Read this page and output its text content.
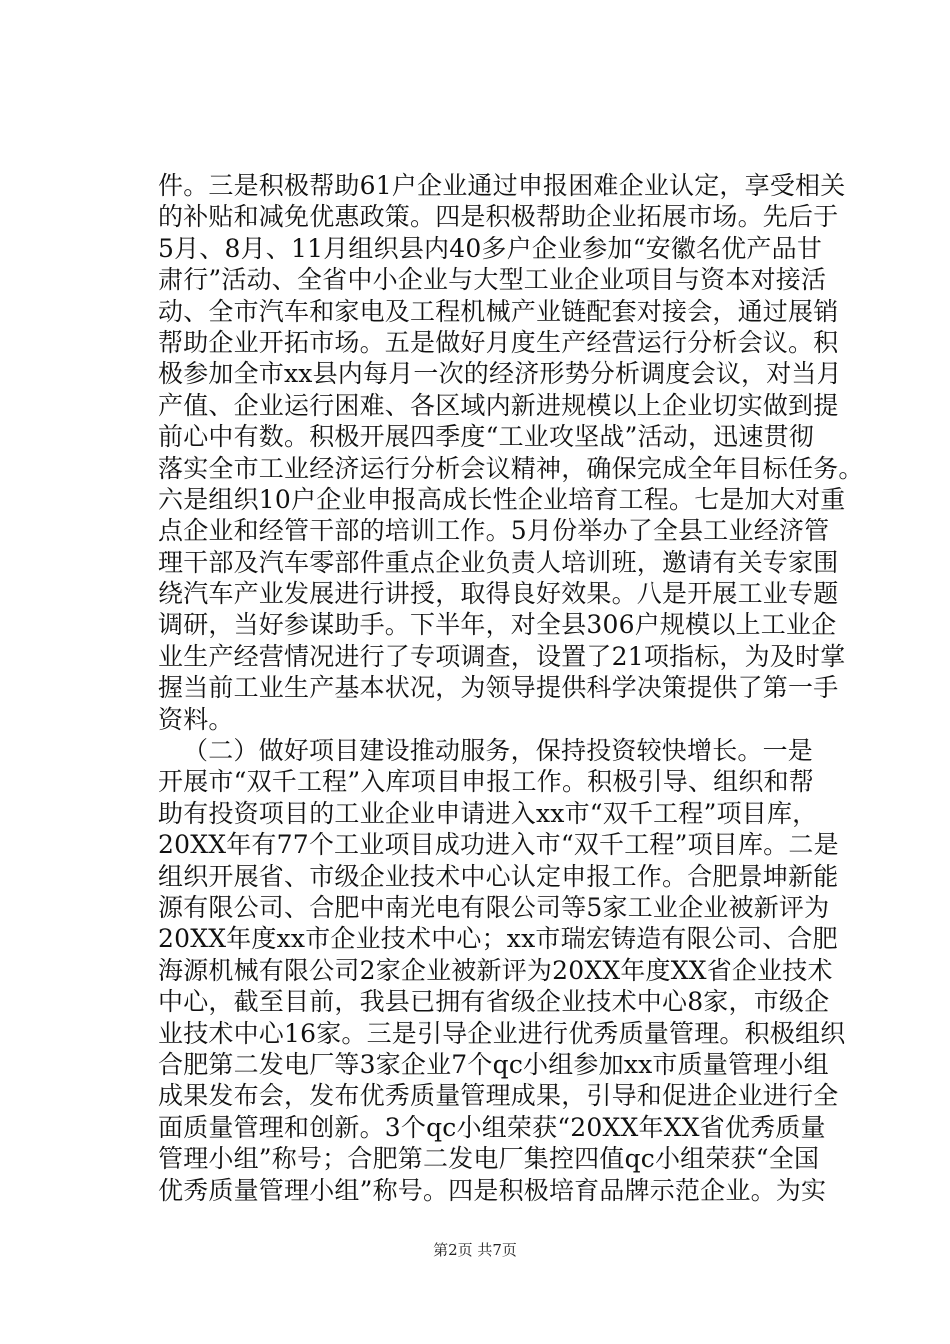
件。三是积极帮助61户企业通过申报困难企业认定，享受相关
的补贴和减免优惠政策。四是积极帮助企业拓展市场。先后于
5月、8月、11月组织县内40多户企业参加“安徽名优产品甘
肃行”活动、全省中小企业与大型工业企业项目与资本对接活
动、全市汽车和家电及工程机械产业链配套对接会，通过展销
帮助企业开拓市场。五是做好月度生产经营运行分析会议。积
极参加全市xx县内每月一次的经济形势分析调度会议，对当月
产值、企业运行困难、各区域内新进规模以上企业切实做到提
前心中有数。积极开展四季度“工业攻坚战”活动，迅速贯彻
落实全市工业经济运行分析会议精神，确保完成全年目标任务。
六是组织10户企业申报高成长性企业培育工程。七是加大对重
点企业和经管干部的培训工作。5月份举办了全县工业经济管
理干部及汽车零部件重点企业负责人培训班，邀请有关专家围
绕汽车产业发展进行讲授，取得良好效果。八是开展工业专题
调研，当好参谋助手。下半年，对全县306户规模以上工业企
业生产经营情况进行了专项调查，设置了21项指标，为及时掌
握当前工业生产基本状况，为领导提供科学决策提供了第一手
资料。
（二）做好项目建设推动服务，保持投资较快增长。一是
开展市“双千工程”入库项目申报工作。积极引导、组织和帮
助有投资项目的工业企业申请进入xx市“双千工程”项目库，
20XX年有77个工业项目成功进入市“双千工程”项目库。二是
组织开展省、市级企业技术中心认定申报工作。合肥景坤新能
源有限公司、合肥中南光电有限公司等5家工业企业被新评为
20XX年度xx市企业技术中心；xx市瑞宏铸造有限公司、合肥
海源机械有限公司2家企业被新评为20XX年度XX省企业技术
中心，截至目前，我县已拥有省级企业技术中心8家，市级企
业技术中心16家。三是引导企业进行优秀质量管理。积极组织
合肥第二发电厂等3家企业7个qc小组参加xx市质量管理小组
成果发布会，发布优秀质量管理成果，引导和促进企业进行全
面质量管理和创新。3个qc小组荣获“20XX年XX省优秀质量
管理小组”称号；合肥第二发电厂集控四值qc小组荣获“全国
优秀质量管理小组”称号。四是积极培育品牌示范企业。为实
第2页 共7页
